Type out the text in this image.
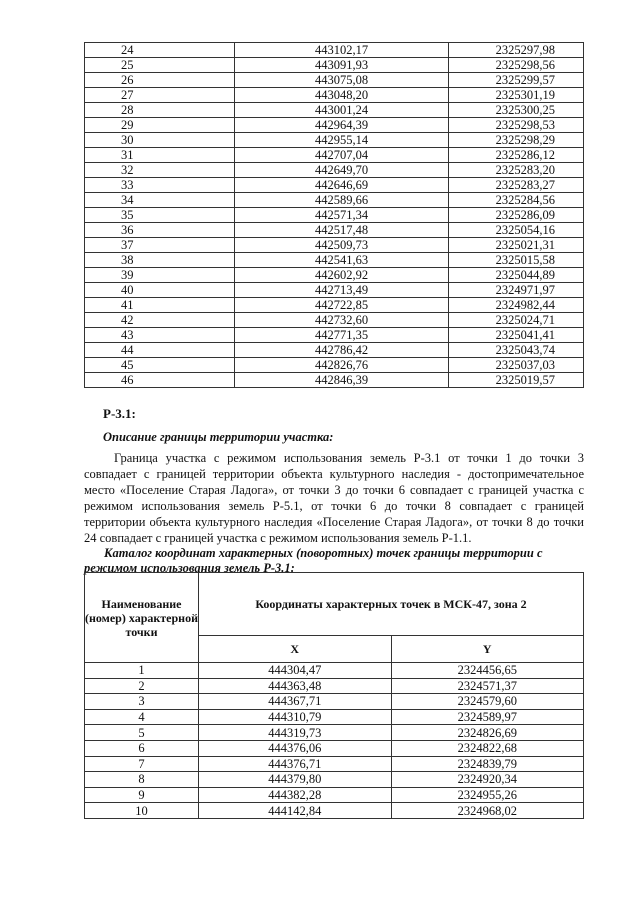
24	443102,17	2325297,98
25	443091,93	2325298,56
26	443075,08	2325299,57
27	443048,20	2325301,19
28	443001,24	2325300,25
29	442964,39	2325298,53
30	442955,14	2325298,29
31	442707,04	2325286,12
32	442649,70	2325283,20
33	442646,69	2325283,27
34	442589,66	2325284,56
35	442571,34	2325286,09
36	442517,48	2325054,16
37	442509,73	2325021,31
38	442541,63	2325015,58
39	442602,92	2325044,89
40	442713,49	2324971,97
41	442722,85	2324982,44
42	442732,60	2325024,71
43	442771,35	2325041,41
44	442786,42	2325043,74
45	442826,76	2325037,03
46	442846,39	2325019,57
Р-3.1:
Описание границы территории участка:
Граница участка с режимом использования земель Р-3.1 от точки 1 до точки 3 совпадает с границей территории объекта культурного наследия - достопримечательное место «Поселение Старая Ладога», от точки 3 до точки 6 совпадает с границей участка с режимом использования земель Р-5.1, от точки 6 до точки 8 совпадает с границей территории объекта культурного наследия «Поселение Старая Ладога», от точки 8 до точки 24 совпадает с границей участка с режимом использования земель Р-1.1.
Каталог координат характерных (поворотных) точек границы территории с режимом использования земель Р-3.1:
Наименование (номер) характерной точки	Координаты характерных точек в МСК-47, зона 2	
	X	Y
1	444304,47	2324456,65
2	444363,48	2324571,37
3	444367,71	2324579,60
4	444310,79	2324589,97
5	444319,73	2324826,69
6	444376,06	2324822,68
7	444376,71	2324839,79
8	444379,80	2324920,34
9	444382,28	2324955,26
10	444142,84	2324968,02
